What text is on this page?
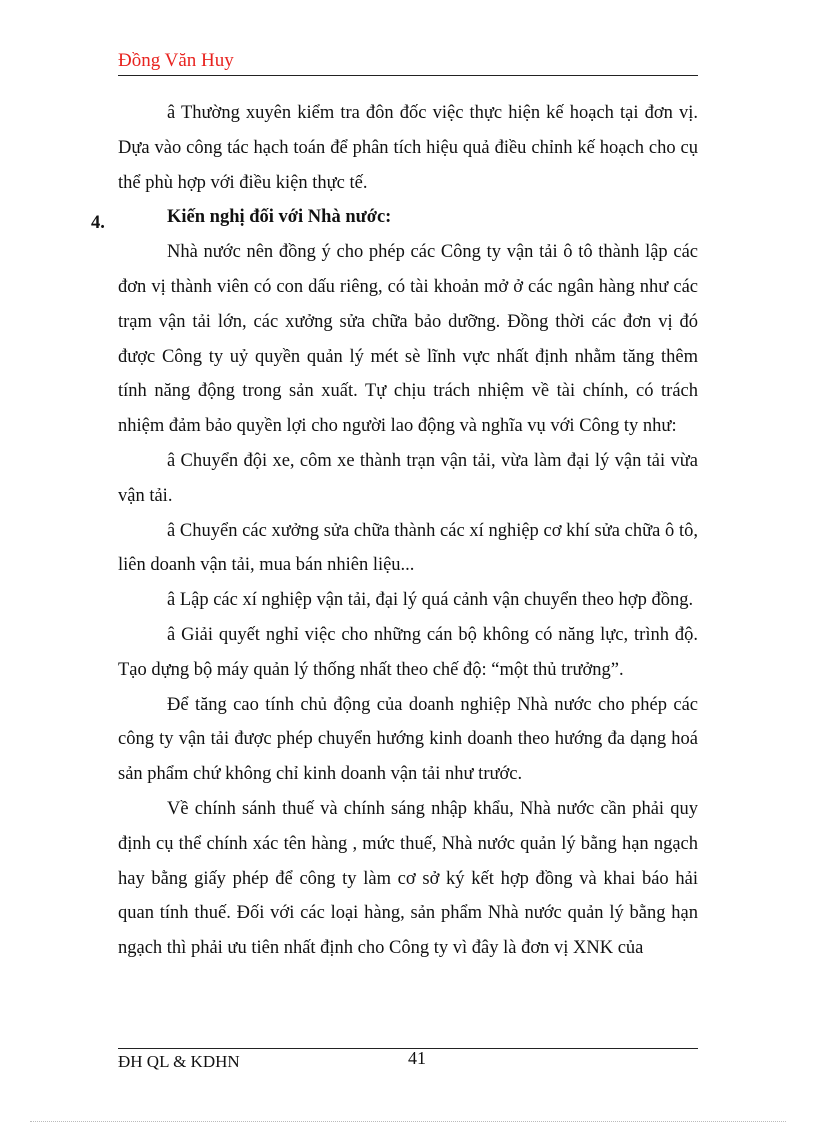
Đồng Văn Huy

â Thường xuyên kiểm tra đôn đốc việc thực hiện kế hoạch tại đơn vị. Dựa vào công tác hạch toán để phân tích hiệu quả điều chỉnh kế hoạch cho cụ thể phù hợp với điều kiện thực tế.

4.	Kiến nghị đối với Nhà nước:

Nhà nước nên đồng ý cho phép các Công ty vận tải ô tô thành lập các đơn vị thành viên có con dấu riêng, có tài khoản mở ở các ngân hàng như các trạm vận tải lớn, các xưởng sửa chữa bảo dưỡng. Đồng thời các đơn vị đó được Công ty uỷ quyền quản lý mét sè lĩnh vực nhất định nhằm tăng thêm tính năng động trong sản xuất. Tự chịu trách nhiệm về tài chính, có trách nhiệm đảm bảo quyền lợi cho người lao động và nghĩa vụ với Công ty như:

â Chuyển đội xe, côm xe thành trạn vận tải, vừa làm đại lý vận tải vừa vận tải.

â Chuyển các xưởng sửa chữa thành các xí nghiệp cơ khí sửa chữa ô tô, liên doanh vận tải, mua bán nhiên liệu...

â Lập các xí nghiệp vận tải, đại lý quá cảnh vận chuyển theo hợp đồng.

â Giải quyết nghỉ việc cho những cán bộ không có năng lực, trình độ. Tạo dựng bộ máy quản lý thống nhất theo chế độ: “một thủ trưởng”.

Để tăng cao tính chủ động của doanh nghiệp Nhà nước cho phép các công ty vận tải được phép chuyển hướng kinh doanh theo hướng đa dạng hoá sản phẩm chứ không chỉ kinh doanh vận tải như trước.

Về chính sánh thuế và chính sáng nhập khẩu, Nhà nước cần phải quy định cụ thể chính xác tên hàng , mức thuế, Nhà nước quản lý bằng hạn ngạch hay bằng giấy phép để công ty làm cơ sở ký kết hợp đồng và khai báo hải quan tính thuế. Đối với các loại hàng, sản phẩm Nhà nước quản lý bằng hạn ngạch thì phải ưu tiên nhất định cho Công ty vì đây là đơn vị XNK của

ĐH QL & KDHN	41
